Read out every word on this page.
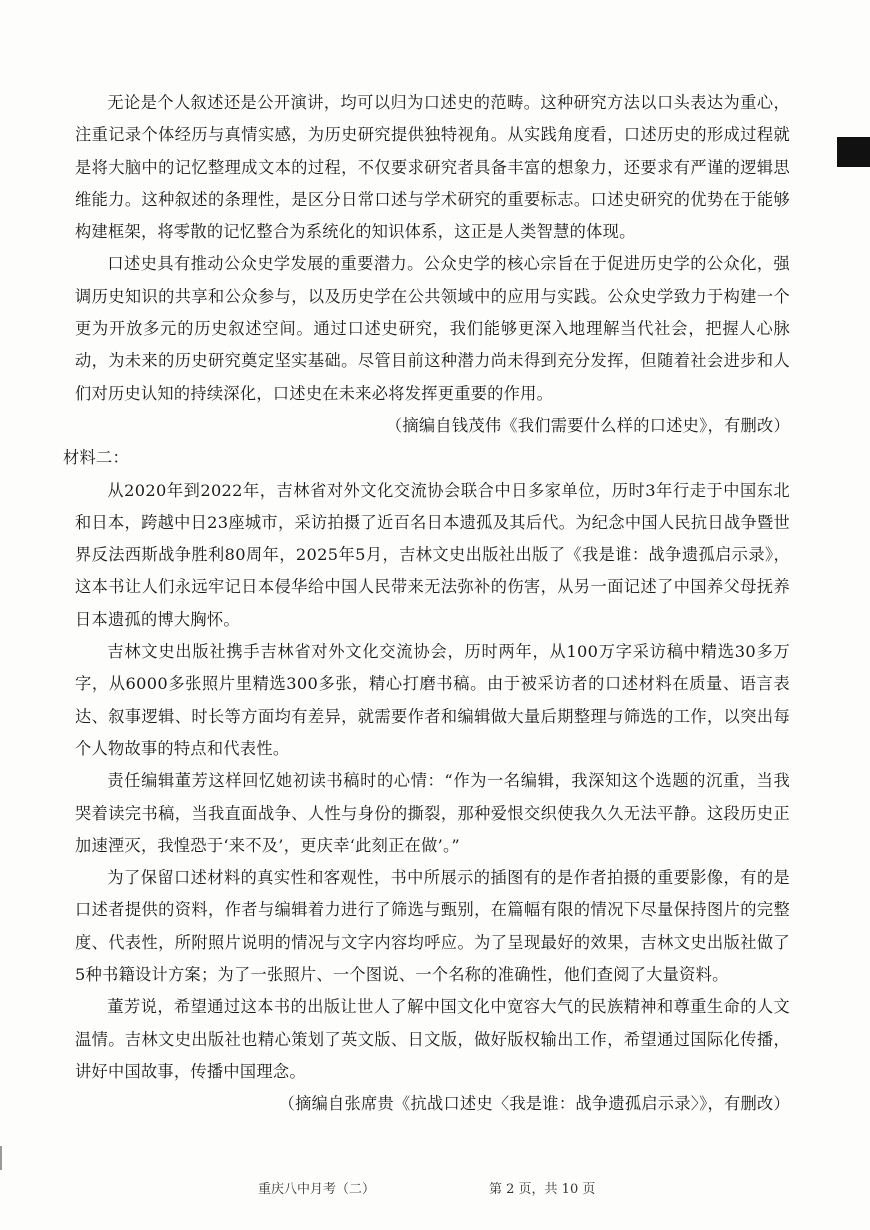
无论是个人叙述还是公开演讲，均可以归为口述史的范畴。这种研究方法以口头表达为重心，注重记录个体经历与真情实感，为历史研究提供独特视角。从实践角度看，口述历史的形成过程就是将大脑中的记忆整理成文本的过程，不仅要求研究者具备丰富的想象力，还要求有严谨的逻辑思维能力。这种叙述的条理性，是区分日常口述与学术研究的重要标志。口述史研究的优势在于能够构建框架，将零散的记忆整合为系统化的知识体系，这正是人类智慧的体现。

口述史具有推动公众史学发展的重要潜力。公众史学的核心宗旨在于促进历史学的公众化，强调历史知识的共享和公众参与，以及历史学在公共领域中的应用与实践。公众史学致力于构建一个更为开放多元的历史叙述空间。通过口述史研究，我们能够更深入地理解当代社会，把握人心脉动，为未来的历史研究奠定坚实基础。尽管目前这种潜力尚未得到充分发挥，但随着社会进步和人们对历史认知的持续深化，口述史在未来必将发挥更重要的作用。

（摘编自钱茂伟《我们需要什么样的口述史》，有删改）

材料二：

从2020年到2022年，吉林省对外文化交流协会联合中日多家单位，历时3年行走于中国东北和日本，跨越中日23座城市，采访拍摄了近百名日本遗孤及其后代。为纪念中国人民抗日战争暨世界反法西斯战争胜利80周年，2025年5月，吉林文史出版社出版了《我是谁：战争遗孤启示录》，这本书让人们永远牢记日本侵华给中国人民带来无法弥补的伤害，从另一面记述了中国养父母抚养日本遗孤的博大胸怀。

吉林文史出版社携手吉林省对外文化交流协会，历时两年，从100万字采访稿中精选30多万字，从6000多张照片里精选300多张，精心打磨书稿。由于被采访者的口述材料在质量、语言表达、叙事逻辑、时长等方面均有差异，就需要作者和编辑做大量后期整理与筛选的工作，以突出每个人物故事的特点和代表性。

责任编辑董芳这样回忆她初读书稿时的心情：“作为一名编辑，我深知这个选题的沉重，当我哭着读完书稿，当我直面战争、人性与身份的撕裂，那种爱恨交织使我久久无法平静。这段历史正加速湮灭，我惶恐于‘来不及’，更庆幸‘此刻正在做’。”

为了保留口述材料的真实性和客观性，书中所展示的插图有的是作者拍摄的重要影像，有的是口述者提供的资料，作者与编辑着力进行了筛选与甄别，在篇幅有限的情况下尽量保持图片的完整度、代表性，所附照片说明的情况与文字内容均呼应。为了呈现最好的效果，吉林文史出版社做了5种书籍设计方案；为了一张照片、一个图说、一个名称的准确性，他们查阅了大量资料。

董芳说，希望通过这本书的出版让世人了解中国文化中宽容大气的民族精神和尊重生命的人文温情。吉林文史出版社也精心策划了英文版、日文版，做好版权输出工作，希望通过国际化传播，讲好中国故事，传播中国理念。

（摘编自张席贵《抗战口述史〈我是谁：战争遗孤启示录〉》，有删改）

重庆八中月考（二）	第 2 页，共 10 页
